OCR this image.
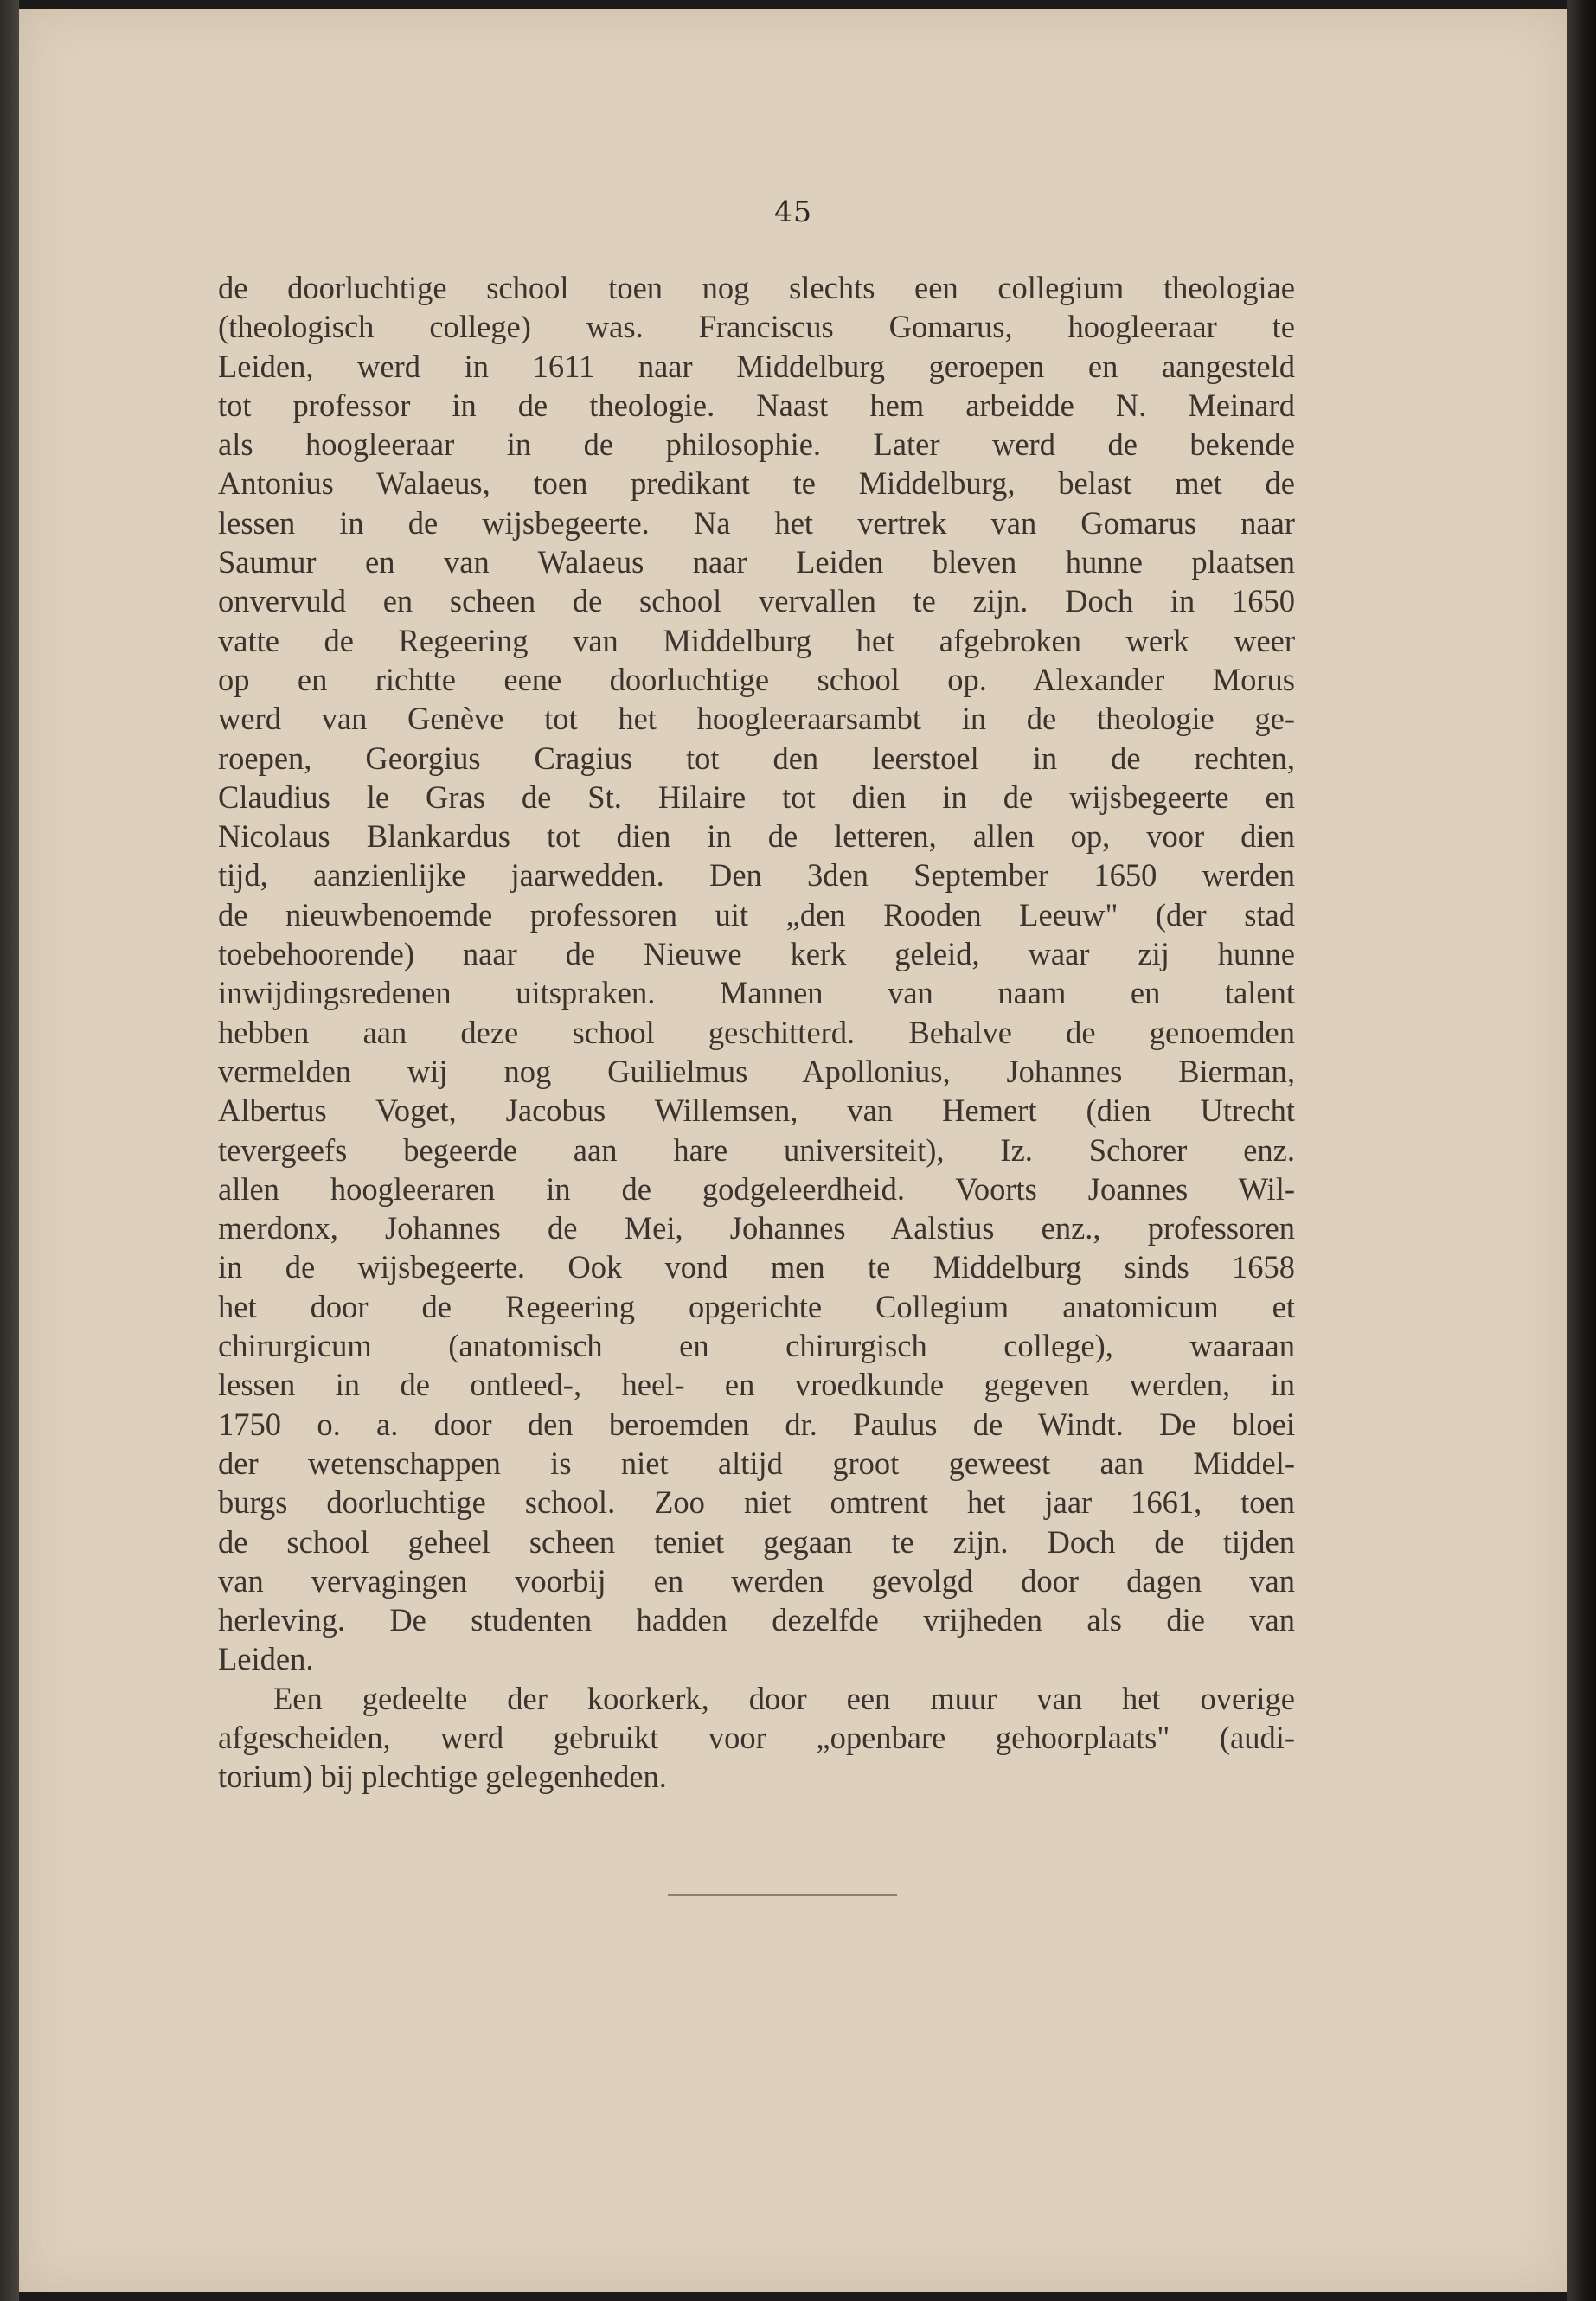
45
de doorluchtige school toen nog slechts een collegium theologiae
(theologisch college) was. Franciscus Gomarus, hoogleeraar te
Leiden, werd in 1611 naar Middelburg geroepen en aangesteld
tot professor in de theologie. Naast hem arbeidde N. Meinard
als hoogleeraar in de philosophie. Later werd de bekende
Antonius Walaeus, toen predikant te Middelburg, belast met de
lessen in de wijsbegeerte. Na het vertrek van Gomarus naar
Saumur en van Walaeus naar Leiden bleven hunne plaatsen
onvervuld en scheen de school vervallen te zijn. Doch in 1650
vatte de Regeering van Middelburg het afgebroken werk weer
op en richtte eene doorluchtige school op. Alexander Morus
werd van Genève tot het hoogleeraarsambt in de theologie ge-
roepen, Georgius Cragius tot den leerstoel in de rechten,
Claudius le Gras de St. Hilaire tot dien in de wijsbegeerte en
Nicolaus Blankardus tot dien in de letteren, allen op, voor dien
tijd, aanzienlijke jaarwedden. Den 3den September 1650 werden
de nieuwbenoemde professoren uit „den Rooden Leeuw" (der stad
toebehoorende) naar de Nieuwe kerk geleid, waar zij hunne
inwijdingsredenen uitspraken. Mannen van naam en talent
hebben aan deze school geschitterd. Behalve de genoemden
vermelden wij nog Guilielmus Apollonius, Johannes Bierman,
Albertus Voget, Jacobus Willemsen, van Hemert (dien Utrecht
tevergeefs begeerde aan hare universiteit), Iz. Schorer enz.
allen hoogleeraren in de godgeleerdheid. Voorts Joannes Wil-
merdonx, Johannes de Mei, Johannes Aalstius enz., professoren
in de wijsbegeerte. Ook vond men te Middelburg sinds 1658
het door de Regeering opgerichte Collegium anatomicum et
chirurgicum (anatomisch en chirurgisch college), waaraan
lessen in de ontleed-, heel- en vroedkunde gegeven werden, in
1750 o. a. door den beroemden dr. Paulus de Windt. De bloei
der wetenschappen is niet altijd groot geweest aan Middel-
burgs doorluchtige school. Zoo niet omtrent het jaar 1661, toen
de school geheel scheen teniet gegaan te zijn. Doch de tijden
van vervagingen voorbij en werden gevolgd door dagen van
herleving. De studenten hadden dezelfde vrijheden als die van
Leiden.
Een gedeelte der koorkerk, door een muur van het overige
afgescheiden, werd gebruikt voor „openbare gehoorplaats" (audi-
torium) bij plechtige gelegenheden.
